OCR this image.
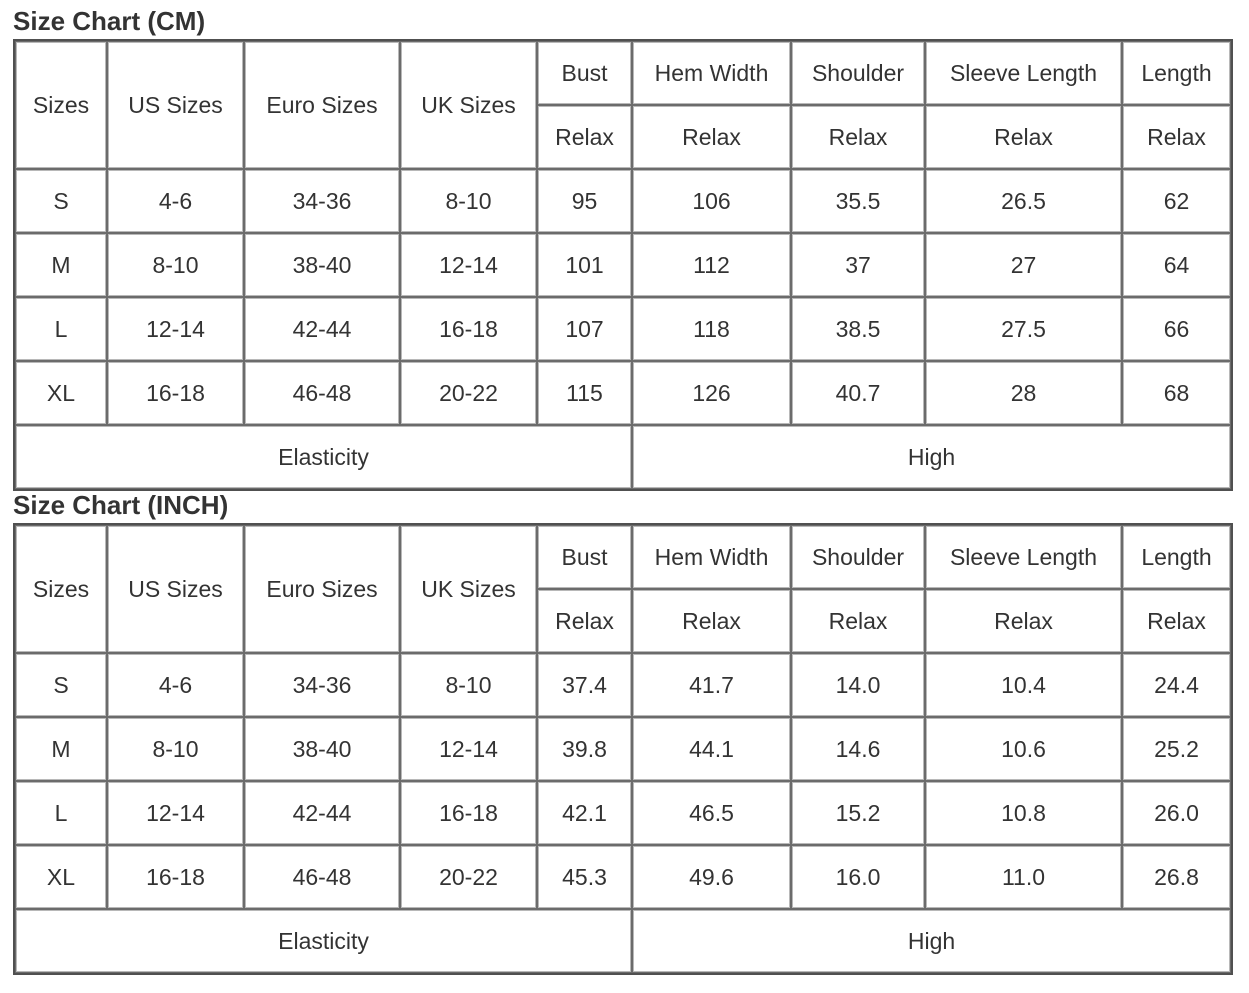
Size Chart (CM)
Sizes	US Sizes	Euro Sizes	UK Sizes	Bust	Hem Width	Shoulder	Sleeve Length	Length
				Relax	Relax	Relax	Relax	Relax
S	4-6	34-36	8-10	95	106	35.5	26.5	62
M	8-10	38-40	12-14	101	112	37	27	64
L	12-14	42-44	16-18	107	118	38.5	27.5	66
XL	16-18	46-48	20-22	115	126	40.7	28	68
Elasticity					High			
Size Chart (INCH)
Sizes	US Sizes	Euro Sizes	UK Sizes	Bust	Hem Width	Shoulder	Sleeve Length	Length
				Relax	Relax	Relax	Relax	Relax
S	4-6	34-36	8-10	37.4	41.7	14.0	10.4	24.4
M	8-10	38-40	12-14	39.8	44.1	14.6	10.6	25.2
L	12-14	42-44	16-18	42.1	46.5	15.2	10.8	26.0
XL	16-18	46-48	20-22	45.3	49.6	16.0	11.0	26.8
Elasticity					High			
